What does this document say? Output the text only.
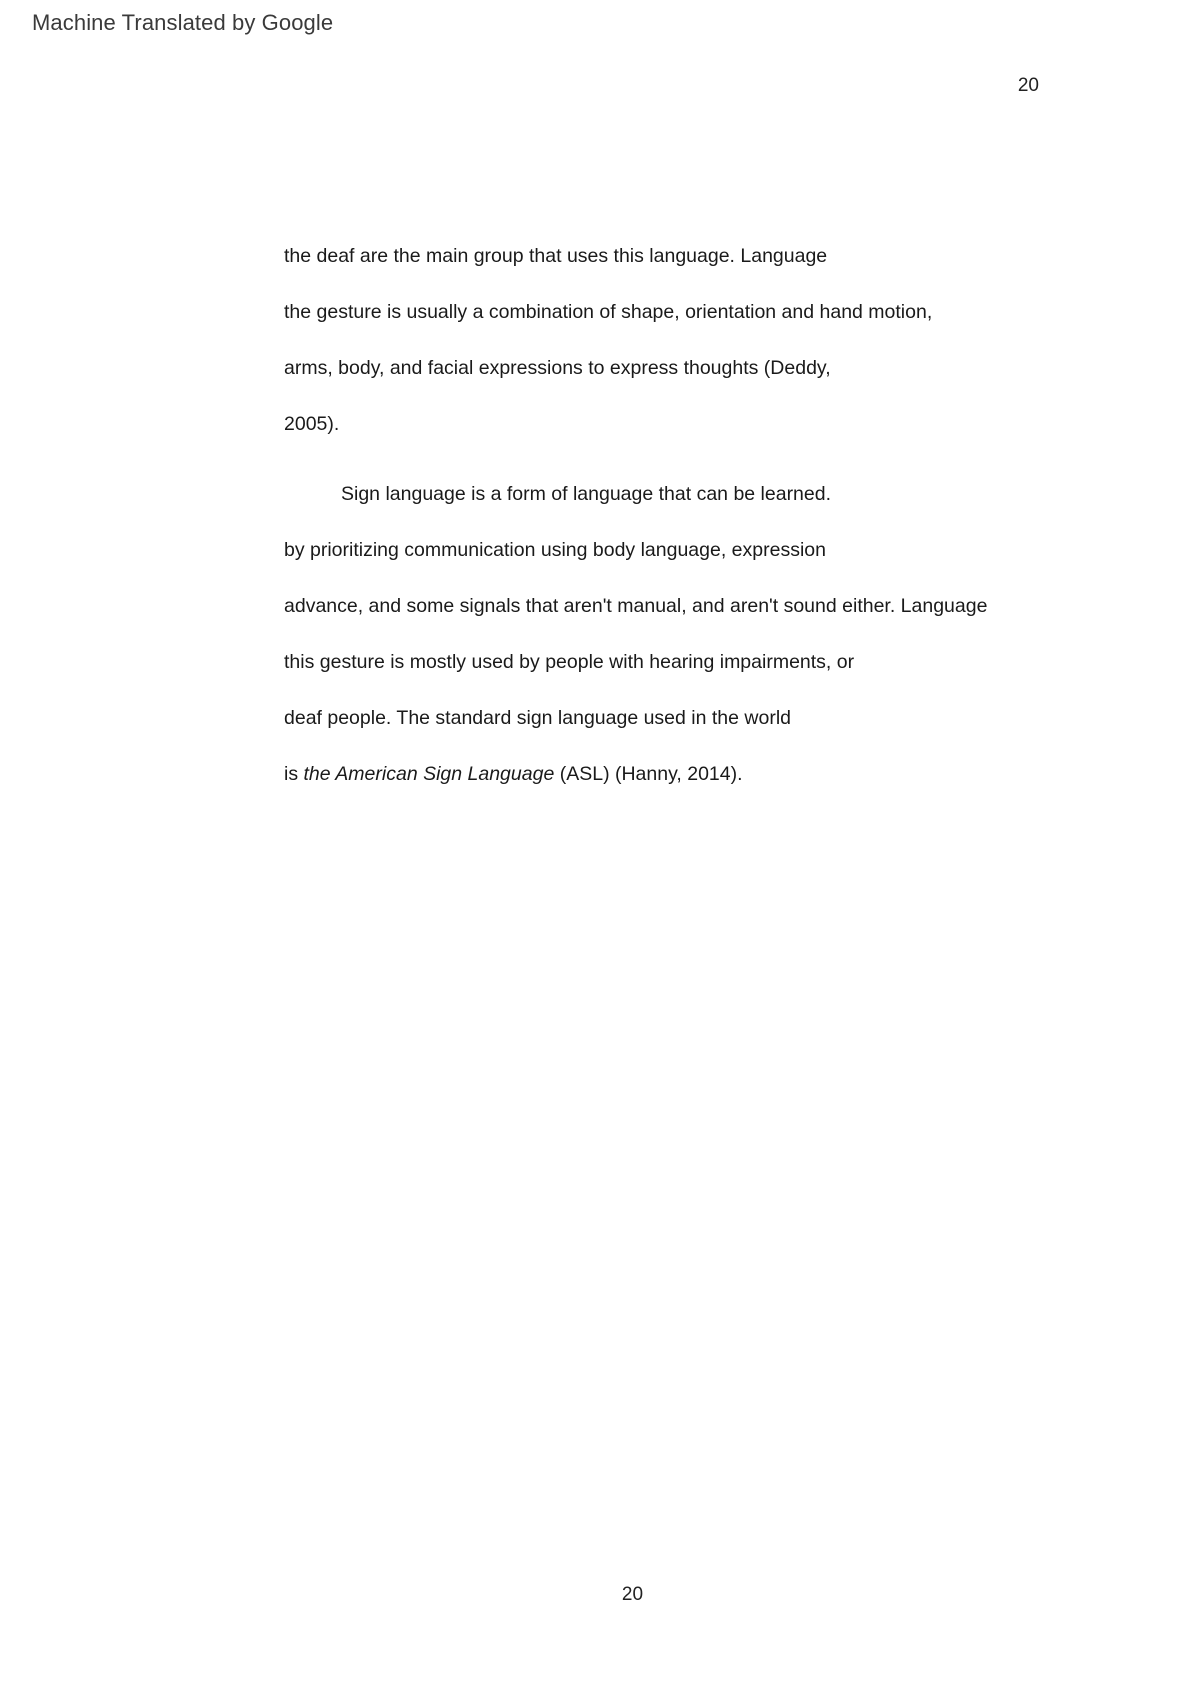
Machine Translated by Google
20
the deaf are the main group that uses this language. Language
the gesture is usually a combination of shape, orientation and hand motion,
arms, body, and facial expressions to express thoughts (Deddy,
2005).
Sign language is a form of language that can be learned.
by prioritizing communication using body language, expression
advance, and some signals that aren't manual, and aren't sound either. Language
this gesture is mostly used by people with hearing impairments, or
deaf people. The standard sign language used in the world
is the American Sign Language (ASL) (Hanny, 2014).
20
